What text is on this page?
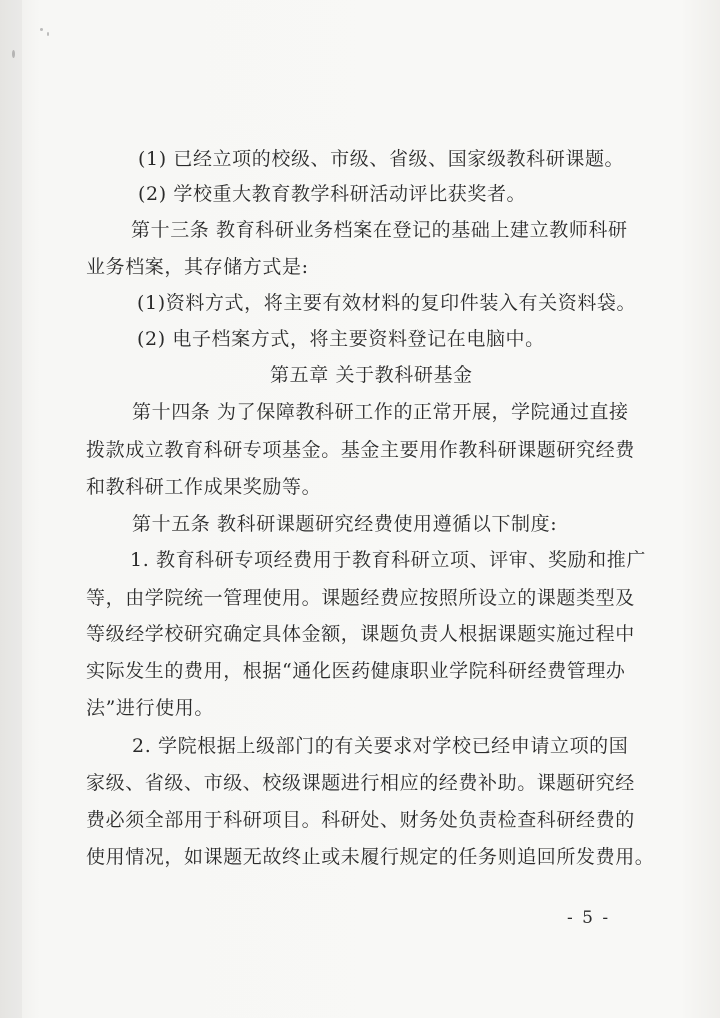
(1) 已经立项的校级、市级、省级、国家级教科研课题。
(2) 学校重大教育教学科研活动评比获奖者。
第十三条 教育科研业务档案在登记的基础上建立教师科研
业务档案，其存储方式是:
(1)资料方式，将主要有效材料的复印件装入有关资料袋。
(2) 电子档案方式，将主要资料登记在电脑中。
第五章 关于教科研基金
第十四条 为了保障教科研工作的正常开展，学院通过直接
拨款成立教育科研专项基金。基金主要用作教科研课题研究经费
和教科研工作成果奖励等。
第十五条 教科研课题研究经费使用遵循以下制度:
1. 教育科研专项经费用于教育科研立项、评审、奖励和推广
等，由学院统一管理使用。课题经费应按照所设立的课题类型及
等级经学校研究确定具体金额，课题负责人根据课题实施过程中
实际发生的费用，根据“通化医药健康职业学院科研经费管理办
法”进行使用。
2. 学院根据上级部门的有关要求对学校已经申请立项的国
家级、省级、市级、校级课题进行相应的经费补助。课题研究经
费必须全部用于科研项目。科研处、财务处负责检查科研经费的
使用情况，如课题无故终止或未履行规定的任务则追回所发费用。
- 5 -
